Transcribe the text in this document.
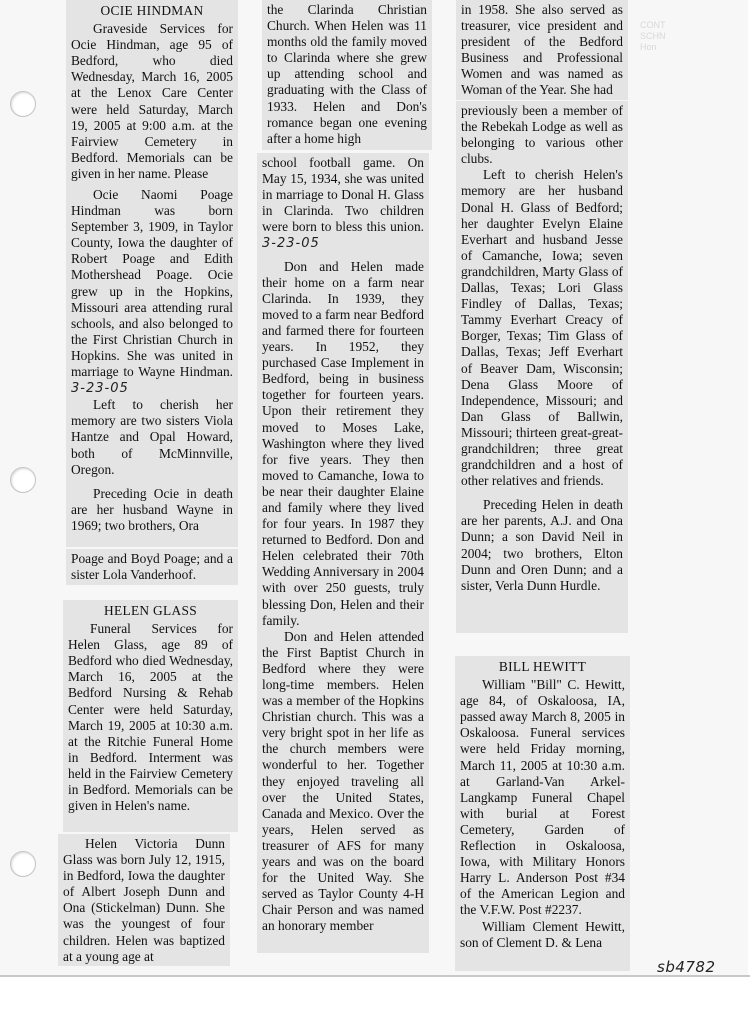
CONT
SCHN
Hon
OCIE HINDMAN

Graveside Services for Ocie Hindman, age 95 of Bedford, who died Wednesday, March 16, 2005 at the Lenox Care Center were held Saturday, March 19, 2005 at 9:00 a.m. at the Fairview Cemetery in Bedford. Memorials can be given in her name. Please

Ocie Naomi Poage Hindman was born September 3, 1909, in Taylor County, Iowa the daughter of Robert Poage and Edith Mothershead Poage. Ocie grew up in the Hopkins, Missouri area attending rural schools, and also belonged to the First Christian Church in Hopkins. She was united in marriage to Wayne Hindman. 3-23-05

Left to cherish her memory are two sisters Viola Hantze and Opal Howard, both of McMinnville, Oregon.

Preceding Ocie in death are her husband Wayne in 1969; two brothers, Ora

Poage and Boyd Poage; and a sister Lola Vanderhoof.

HELEN GLASS

Funeral Services for Helen Glass, age 89 of Bedford who died Wednesday, March 16, 2005 at the Bedford Nursing & Rehab Center were held Saturday, March 19, 2005 at 10:30 a.m. at the Ritchie Funeral Home in Bedford. Interment was held in the Fairview Cemetery in Bedford. Memorials can be given in Helen's name.

Helen Victoria Dunn Glass was born July 12, 1915, in Bedford, Iowa the daughter of Albert Joseph Dunn and Ona (Stickelman) Dunn. She was the youngest of four children. Helen was baptized at a young age at

the Clarinda Christian Church. When Helen was 11 months old the family moved to Clarinda where she grew up attending school and graduating with the Class of 1933. Helen and Don's romance began one evening after a home high

school football game. On May 15, 1934, she was united in marriage to Donal H. Glass in Clarinda. Two children were born to bless this union. 3-23-05

Don and Helen made their home on a farm near Clarinda. In 1939, they moved to a farm near Bedford and farmed there for fourteen years. In 1952, they purchased Case Implement in Bedford, being in business together for fourteen years. Upon their retirement they moved to Moses Lake, Washington where they lived for five years. They then moved to Camanche, Iowa to be near their daughter Elaine and family where they lived for four years. In 1987 they returned to Bedford. Don and Helen celebrated their 70th Wedding Anniversary in 2004 with over 250 guests, truly blessing Don, Helen and their family.

Don and Helen attended the First Baptist Church in Bedford where they were long-time members. Helen was a member of the Hopkins Christian church. This was a very bright spot in her life as the church members were wonderful to her. Together they enjoyed traveling all over the United States, Canada and Mexico. Over the years, Helen served as treasurer of AFS for many years and was on the board for the United Way. She served as Taylor County 4-H Chair Person and was named an honorary member

in 1958. She also served as treasurer, vice president and president of the Bedford Business and Professional Women and was named as Woman of the Year. She had

previously been a member of the Rebekah Lodge as well as belonging to various other clubs.

Left to cherish Helen's memory are her husband Donal H. Glass of Bedford; her daughter Evelyn Elaine Everhart and husband Jesse of Camanche, Iowa; seven grandchildren, Marty Glass of Dallas, Texas; Lori Glass Findley of Dallas, Texas; Tammy Everhart Creacy of Borger, Texas; Tim Glass of Dallas, Texas; Jeff Everhart of Beaver Dam, Wisconsin; Dena Glass Moore of Independence, Missouri; and Dan Glass of Ballwin, Missouri; thirteen great-great-grandchildren; three great grandchildren and a host of other relatives and friends.

Preceding Helen in death are her parents, A.J. and Ona Dunn; a son David Neil in 2004; two brothers, Elton Dunn and Oren Dunn; and a sister, Verla Dunn Hurdle.

BILL HEWITT

William "Bill" C. Hewitt, age 84, of Oskaloosa, IA, passed away March 8, 2005 in Oskaloosa. Funeral services were held Friday morning, March 11, 2005 at 10:30 a.m. at Garland-Van Arkel-Langkamp Funeral Chapel with burial at Forest Cemetery, Garden of Reflection in Oskaloosa, Iowa, with Military Honors Harry L. Anderson Post #34 of the American Legion and the V.F.W. Post #2237.

William Clement Hewitt, son of Clement D. & Lena

sb4782
